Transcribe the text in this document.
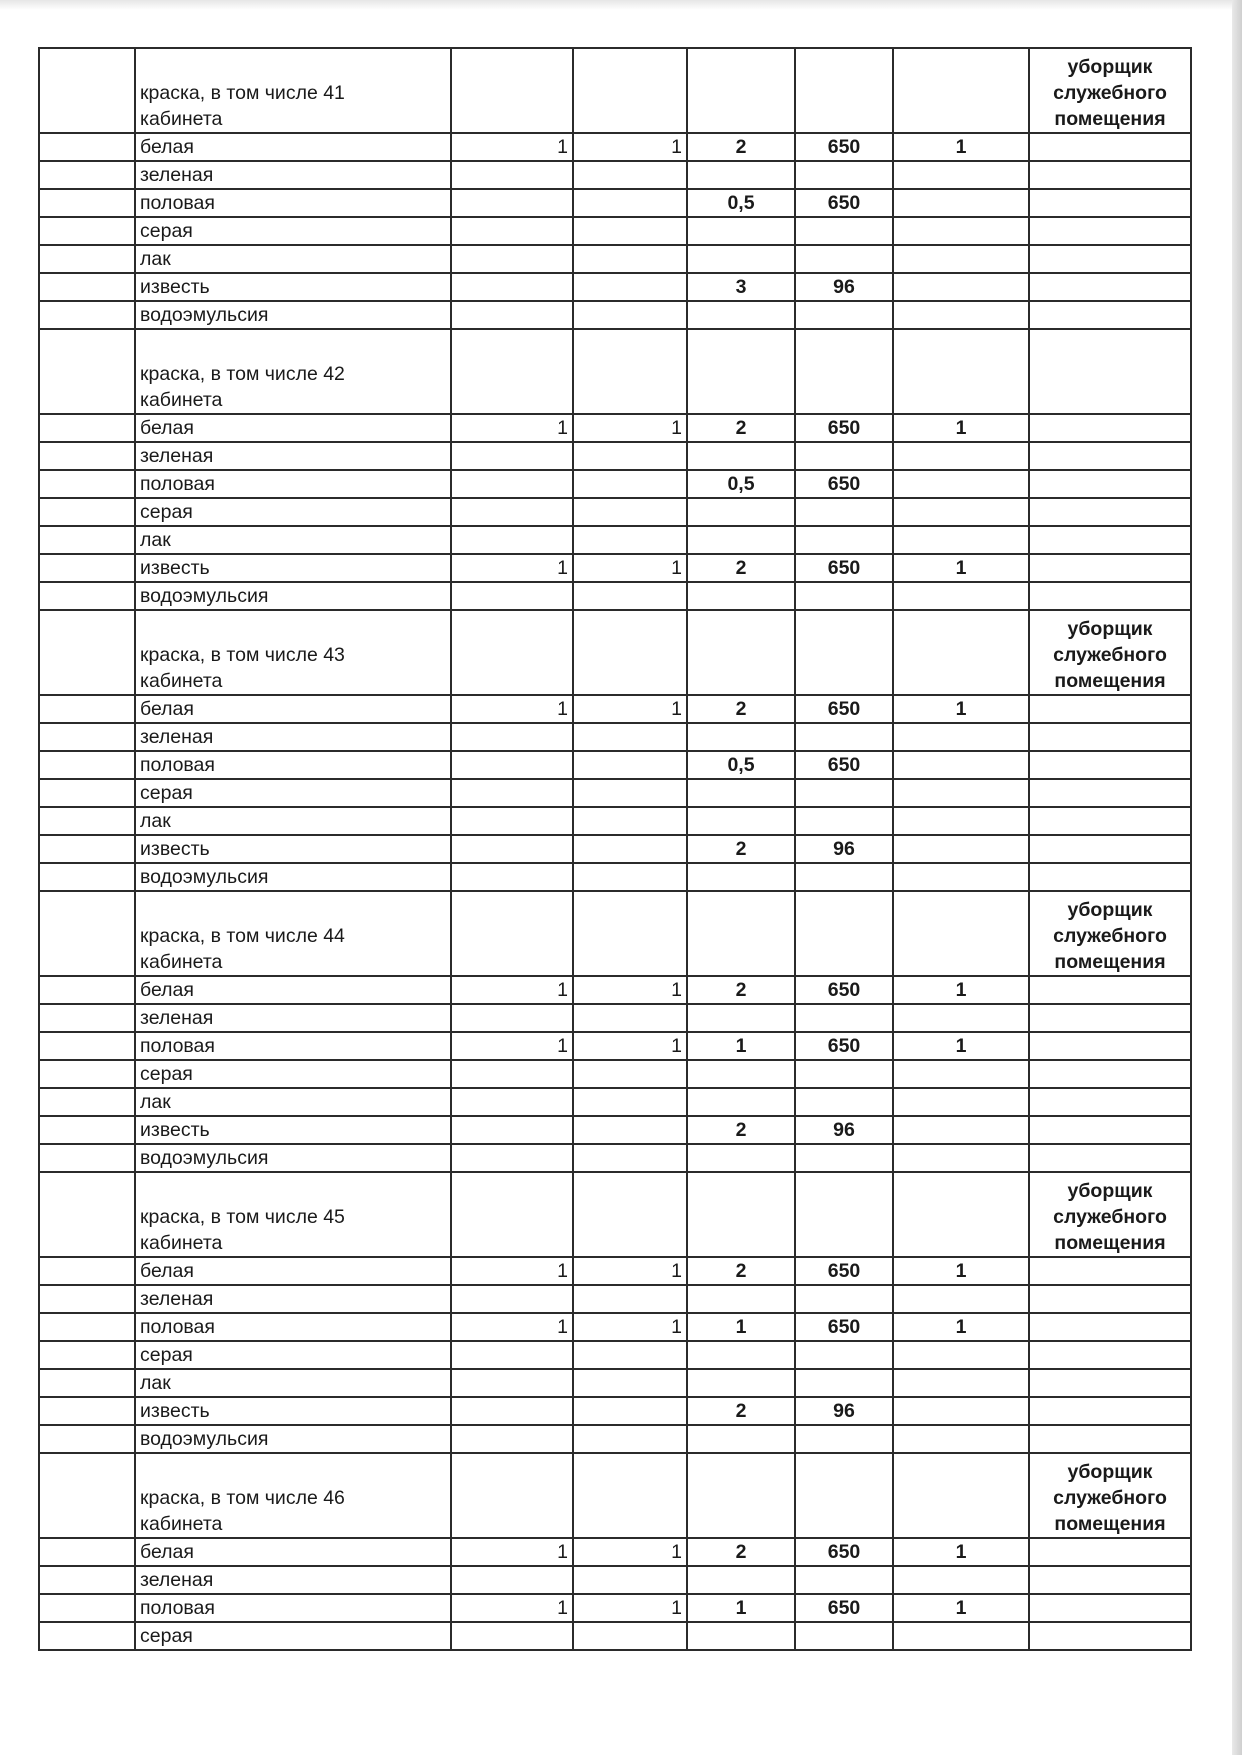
	краска, в том числе 41
кабинета						уборщик
служебного
помещения

	белая	1	1	2	650	1	
	зеленая						
	половая			0,5	650		
	серая						
	лак						
	известь			3	96		
	водоэмульсия						

	краска, в том числе 42
кабинета						

	белая	1	1	2	650	1	
	зеленая						
	половая			0,5	650		
	серая						
	лак						
	известь	1	1	2	650	1	
	водоэмульсия						

	краска, в том числе 43
кабинета						уборщик
служебного
помещения

	белая	1	1	2	650	1	
	зеленая						
	половая			0,5	650		
	серая						
	лак						
	известь			2	96		
	водоэмульсия						

	краска, в том числе 44
кабинета						уборщик
служебного
помещения

	белая	1	1	2	650	1	
	зеленая						
	половая	1	1	1	650	1	
	серая						
	лак						
	известь			2	96		
	водоэмульсия						

	краска, в том числе 45
кабинета						уборщик
служебного
помещения

	белая	1	1	2	650	1	
	зеленая						
	половая	1	1	1	650	1	
	серая						
	лак						
	известь			2	96		
	водоэмульсия						

	краска, в том числе 46
кабинета						уборщик
служебного
помещения

	белая	1	1	2	650	1	
	зеленая						
	половая	1	1	1	650	1	
	серая						
